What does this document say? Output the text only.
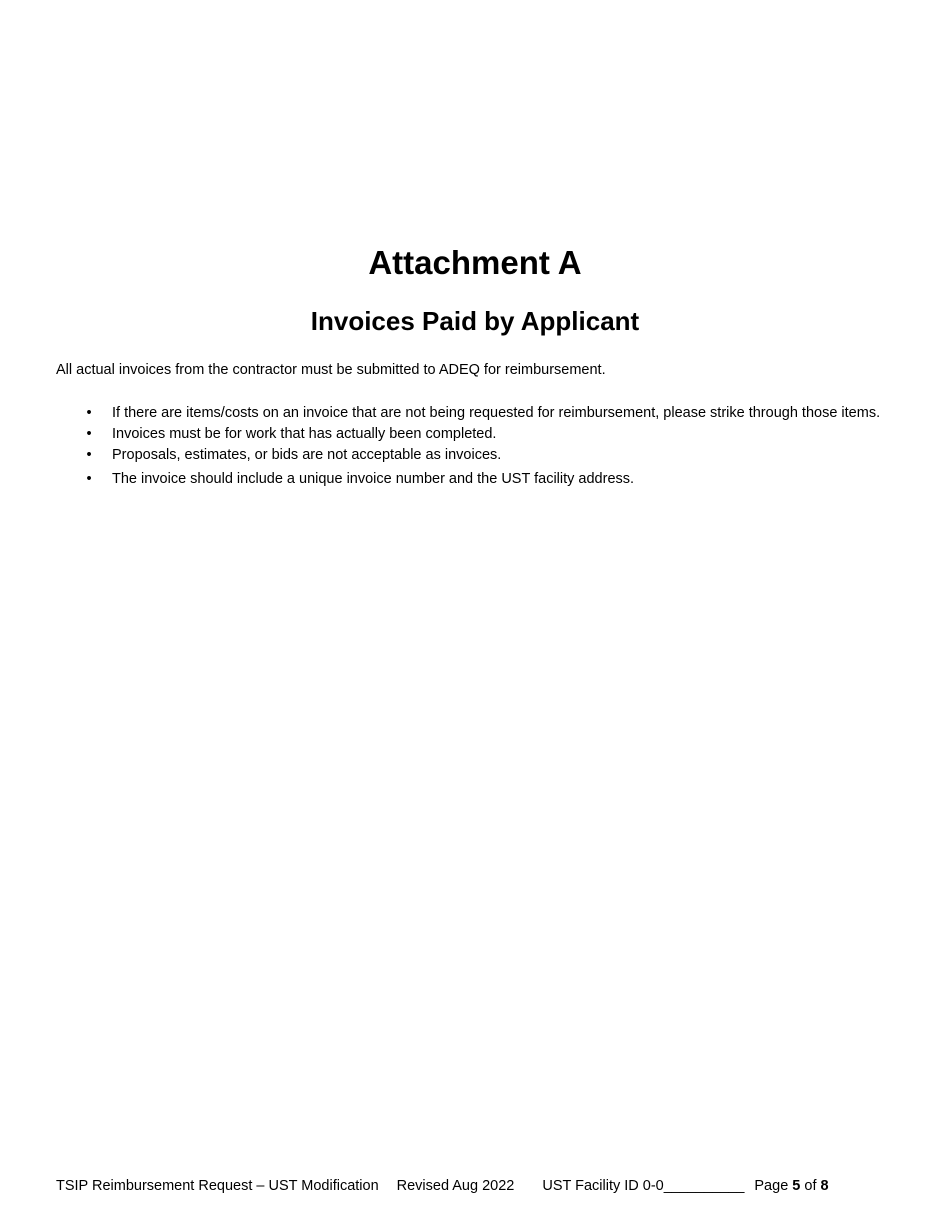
Attachment A
Invoices Paid by Applicant
All actual invoices from the contractor must be submitted to ADEQ for reimbursement.
• If there are items/costs on an invoice that are not being requested for reimbursement, please strike through those items.
• Invoices must be for work that has actually been completed.
• Proposals, estimates, or bids are not acceptable as invoices.
• The invoice should include a unique invoice number and the UST facility address.
TSIP Reimbursement Request – UST Modification Revised Aug 2022 UST Facility ID 0-0__________ Page 5 of 8
